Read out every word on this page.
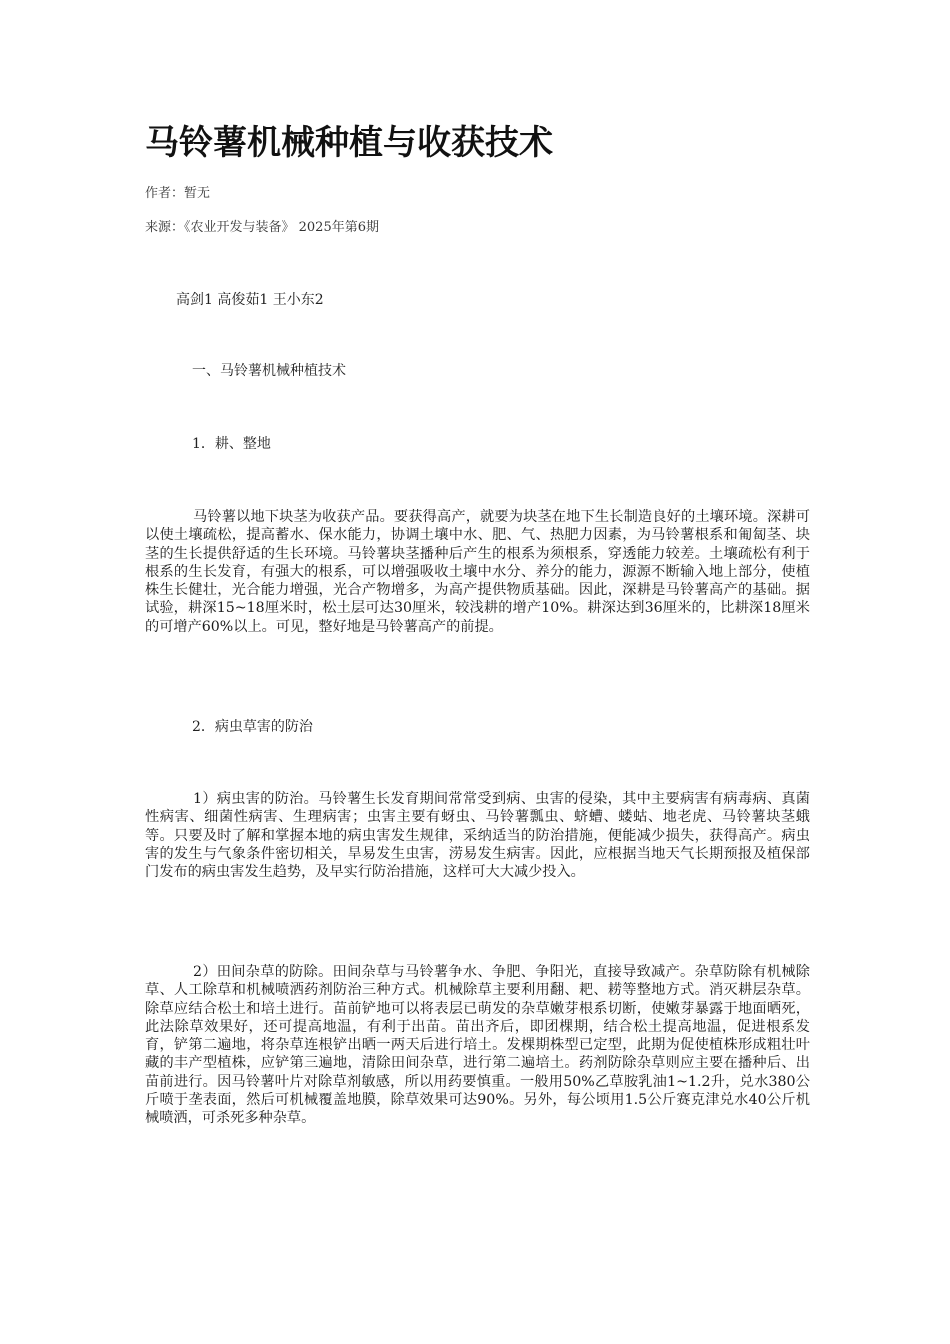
马铃薯机械种植与收获技术

作者：暂无

来源：《农业开发与装备》 2025年第6期

高剑1 高俊茹1 王小东2

一、马铃薯机械种植技术

1．耕、整地

马铃薯以地下块茎为收获产品。要获得高产，就要为块茎在地下生长制造良好的土壤环境。深耕可以使土壤疏松，提高蓄水、保水能力，协调土壤中水、肥、气、热肥力因素，为马铃薯根系和匍匐茎、块茎的生长提供舒适的生长环境。马铃薯块茎播种后产生的根系为须根系，穿透能力较差。土壤疏松有利于根系的生长发育，有强大的根系，可以增强吸收土壤中水分、养分的能力，源源不断输入地上部分，使植株生长健壮，光合能力增强，光合产物增多，为高产提供物质基础。因此，深耕是马铃薯高产的基础。据试验，耕深15~18厘米时，松土层可达30厘米，较浅耕的增产10%。耕深达到36厘米的，比耕深18厘米的可增产60%以上。可见，整好地是马铃薯高产的前提。

2．病虫草害的防治

1）病虫害的防治。马铃薯生长发育期间常常受到病、虫害的侵染，其中主要病害有病毒病、真菌性病害、细菌性病害、生理病害；虫害主要有蚜虫、马铃薯瓢虫、蛴螬、蝼蛄、地老虎、马铃薯块茎蛾等。只要及时了解和掌握本地的病虫害发生规律，采纳适当的防治措施，便能减少损失，获得高产。病虫害的发生与气象条件密切相关，旱易发生虫害，涝易发生病害。因此，应根据当地天气长期预报及植保部门发布的病虫害发生趋势，及早实行防治措施，这样可大大减少投入。

2）田间杂草的防除。田间杂草与马铃薯争水、争肥、争阳光，直接导致减产。杂草防除有机械除草、人工除草和机械喷洒药剂防治三种方式。机械除草主要利用翻、耙、耢等整地方式。消灭耕层杂草。除草应结合松土和培土进行。苗前铲地可以将表层已萌发的杂草嫩芽根系切断，使嫩芽暴露于地面晒死，此法除草效果好，还可提高地温，有利于出苗。苗出齐后，即团棵期，结合松土提高地温，促进根系发育，铲第二遍地，将杂草连根铲出晒一两天后进行培土。发棵期株型已定型，此期为促使植株形成粗壮叶藏的丰产型植株，应铲第三遍地，清除田间杂草，进行第二遍培土。药剂防除杂草则应主要在播种后、出苗前进行。因马铃薯叶片对除草剂敏感，所以用药要慎重。一般用50%乙草胺乳油1~1.2升，兑水380公斤喷于垄表面，然后可机械覆盖地膜，除草效果可达90%。另外，每公顷用1.5公斤赛克津兑水40公斤机械喷洒，可杀死多种杂草。
